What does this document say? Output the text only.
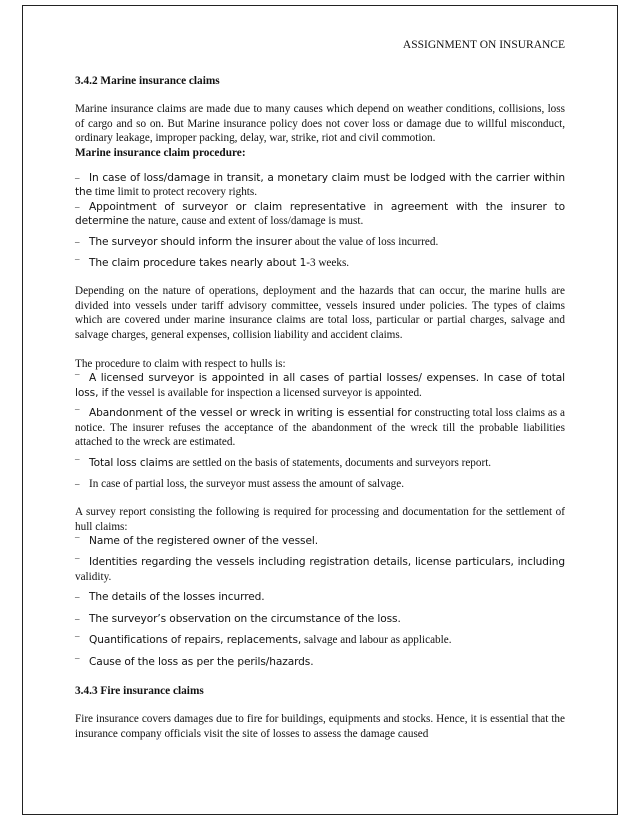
ASSIGNMENT ON INSURANCE
3.4.2 Marine insurance claims

Marine insurance claims are made due to many causes which depend on weather conditions, collisions, loss of cargo and so on. But Marine insurance policy does not cover loss or damage due to willful misconduct, ordinary leakage, improper packing, delay, war, strike, riot and civil commotion.

Marine insurance claim procedure:
‒ In case of loss/damage in transit, a monetary claim must be lodged with the carrier within the time limit to protect recovery rights.
‒ Appointment of surveyor or claim representative in agreement with the insurer to determine the nature, cause and extent of loss/damage is must.
‒ The surveyor should inform the insurer about the value of loss incurred.
¯ The claim procedure takes nearly about 1-3 weeks.

Depending on the nature of operations, deployment and the hazards that can occur, the marine hulls are divided into vessels under tariff advisory committee, vessels insured under policies. The types of claims which are covered under marine insurance claims are total loss, particular or partial charges, salvage and salvage charges, general expenses, collision liability and accident claims.

The procedure to claim with respect to hulls is:

¯ A licensed surveyor is appointed in all cases of partial losses/ expenses. In case of total loss, if the vessel is available for inspection a licensed surveyor is appointed.
¯ Abandonment of the vessel or wreck in writing is essential for constructing total loss claims as a notice. The insurer refuses the acceptance of the abandonment of the wreck till the probable liabilities attached to the wreck are estimated.
¯ Total loss claims are settled on the basis of statements, documents and surveyors report.
‒ In case of partial loss, the surveyor must assess the amount of salvage.

A survey report consisting the following is required for processing and documentation for the settlement of hull claims:

¯ Name of the registered owner of the vessel.
¯ Identities regarding the vessels including registration details, license particulars, including validity.
‒ The details of the losses incurred.
‒ The surveyor’s observation on the circumstance of the loss.
¯ Quantifications of repairs, replacements, salvage and labour as applicable.
¯ Cause of the loss as per the perils/hazards.
3.4.3 Fire insurance claims

Fire insurance covers damages due to fire for buildings, equipments and stocks. Hence, it is essential that the insurance company officials visit the site of losses to assess the damage caused
